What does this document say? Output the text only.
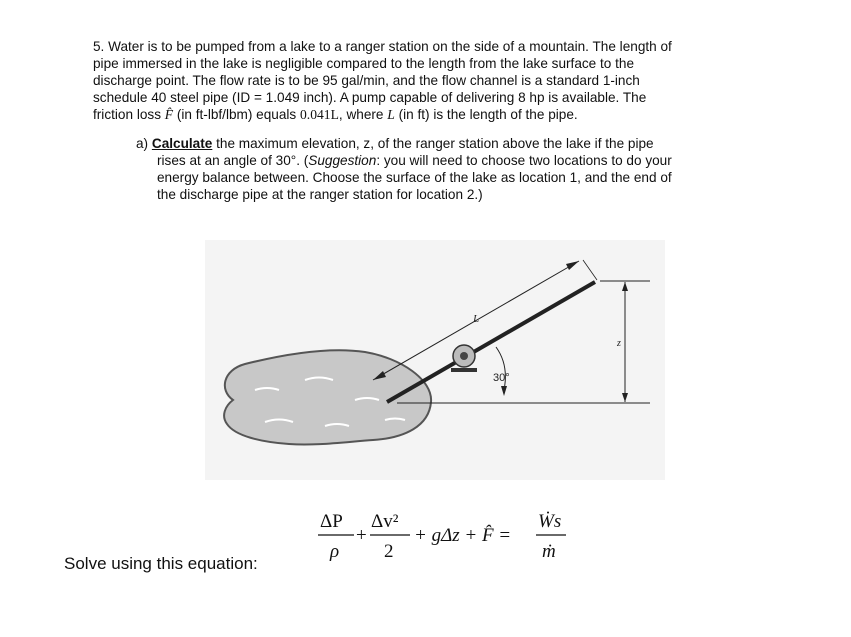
5. Water is to be pumped from a lake to a ranger station on the side of a mountain. The length of
pipe immersed in the lake is negligible compared to the length from the lake surface to the
discharge point. The flow rate is to be 95 gal/min, and the flow channel is a standard 1-inch
schedule 40 steel pipe (ID = 1.049 inch). A pump capable of delivering 8 hp is available. The
friction loss F̂ (in ft-lbf/lbm) equals 0.041L, where L (in ft) is the length of the pipe.
a) Calculate the maximum elevation, z, of the ranger station above the lake if the pipe
rises at an angle of 30°. (Suggestion: you will need to choose two locations to do your
energy balance between. Choose the surface of the lake as location 1, and the end of
the discharge pipe at the ranger station for location 2.)
L
30°
z
ΔP
ρ
+
Δv²
2
+ gΔz + F̂ =
Ẇs
ṁ
Solve using this equation:
